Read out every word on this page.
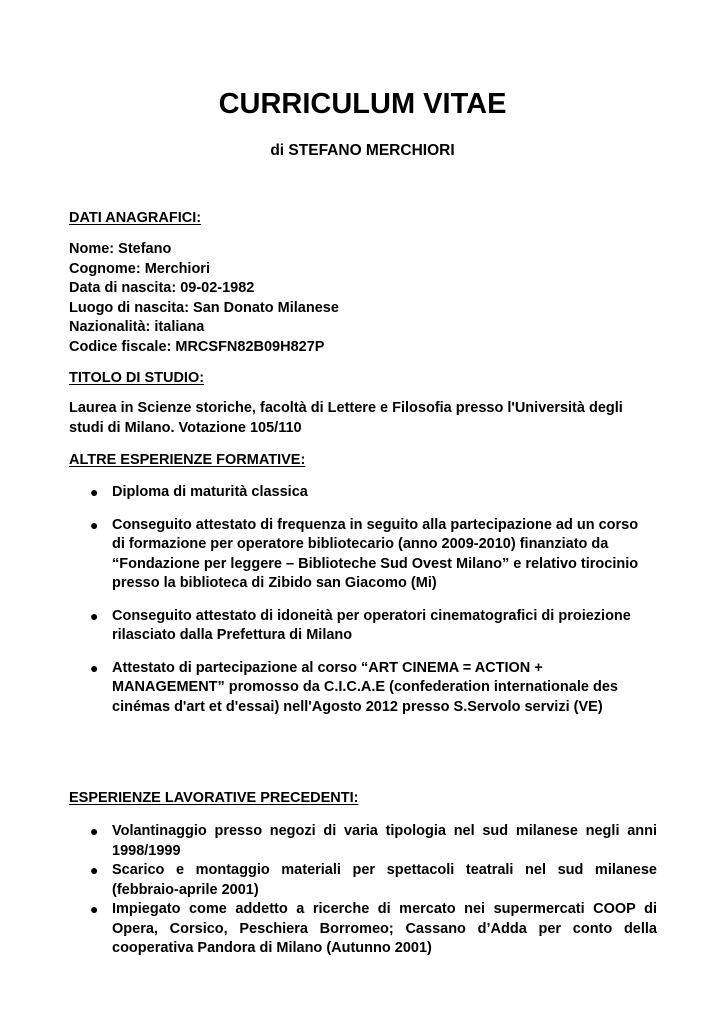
CURRICULUM VITAE
di STEFANO MERCHIORI
DATI ANAGRAFICI:
Nome: Stefano
Cognome: Merchiori
Data di nascita: 09-02-1982
Luogo di nascita: San Donato Milanese
Nazionalità: italiana
Codice fiscale: MRCSFN82B09H827P
TITOLO DI STUDIO:
Laurea in Scienze storiche, facoltà di Lettere e Filosofia presso l'Università degli
studi di Milano. Votazione 105/110
ALTRE ESPERIENZE FORMATIVE:
● Diploma di maturità classica
● Conseguito attestato di frequenza in seguito alla partecipazione ad un corso
di formazione per operatore bibliotecario (anno 2009-2010) finanziato da
“Fondazione per leggere – Biblioteche Sud Ovest Milano” e relativo tirocinio
presso la biblioteca di Zibido san Giacomo (Mi)
● Conseguito attestato di idoneità per operatori cinematografici di proiezione
rilasciato dalla Prefettura di Milano
● Attestato di partecipazione al corso “ART CINEMA = ACTION +
MANAGEMENT” promosso da C.I.C.A.E (confederation internationale des
cinémas d'art et d'essai) nell'Agosto 2012 presso S.Servolo servizi (VE)
ESPERIENZE LAVORATIVE PRECEDENTI:
● Volantinaggio presso negozi di varia tipologia nel sud milanese negli anni 1998/1999
● Scarico e montaggio materiali per spettacoli teatrali nel sud milanese (febbraio-aprile 2001)
● Impiegato come addetto a ricerche di mercato nei supermercati COOP di Opera, Corsico, Peschiera Borromeo; Cassano d’Adda per conto della cooperativa Pandora di Milano (Autunno 2001)
